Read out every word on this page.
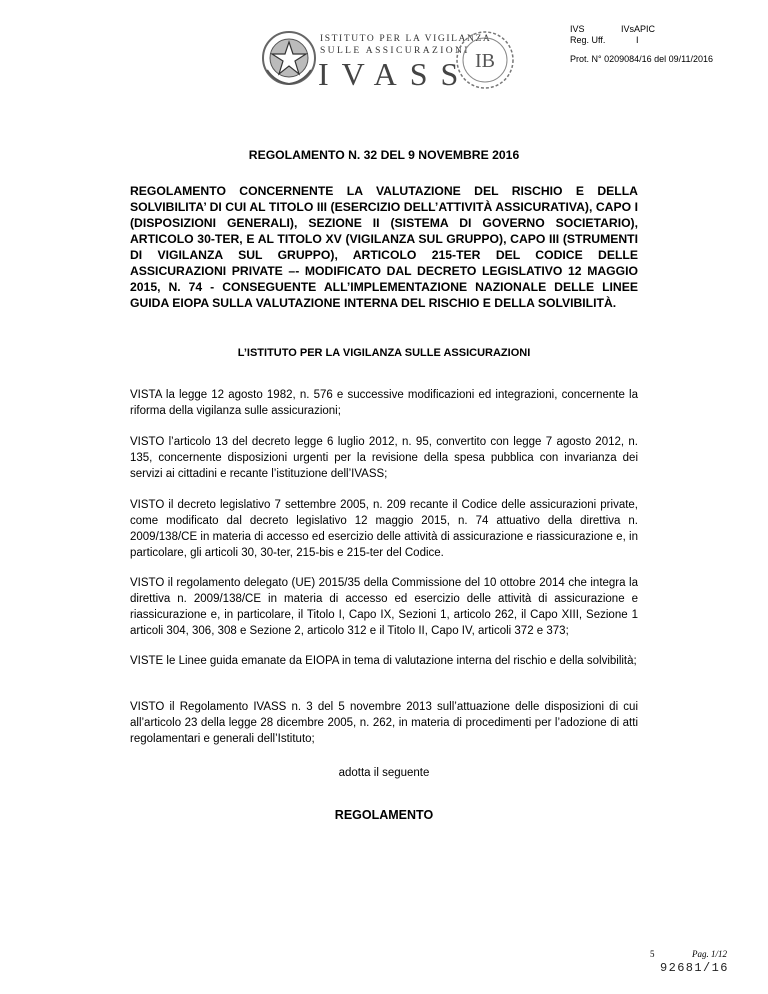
ISTITUTO PER LA VIGILANZA
SULLE ASSICURAZIONI
IVASS IB
IVS	IVsAPIC
Reg. Uff.	I
Prot. N° 0209084/16 del 09/11/2016

REGOLAMENTO N. 32 DEL 9 NOVEMBRE 2016

REGOLAMENTO CONCERNENTE LA VALUTAZIONE DEL RISCHIO E DELLA SOLVIBILITA’ DI CUI AL TITOLO III (ESERCIZIO DELL’ATTIVITÀ ASSICURATIVA), CAPO I (DISPOSIZIONI GENERALI), SEZIONE II (SISTEMA DI GOVERNO SOCIETARIO), ARTICOLO 30-TER, E AL TITOLO XV (VIGILANZA SUL GRUPPO), CAPO III (STRUMENTI DI VIGILANZA SUL GRUPPO), ARTICOLO 215-TER DEL CODICE DELLE ASSICURAZIONI PRIVATE –- MODIFICATO DAL DECRETO LEGISLATIVO 12 MAGGIO 2015, N. 74 - CONSEGUENTE ALL’IMPLEMENTAZIONE NAZIONALE DELLE LINEE GUIDA EIOPA SULLA VALUTAZIONE INTERNA DEL RISCHIO E DELLA SOLVIBILITÀ.

L’ISTITUTO PER LA VIGILANZA SULLE ASSICURAZIONI

VISTA la legge 12 agosto 1982, n. 576 e successive modificazioni ed integrazioni, concernente la riforma della vigilanza sulle assicurazioni;

VISTO l’articolo 13 del decreto legge 6 luglio 2012, n. 95, convertito con legge 7 agosto 2012, n. 135, concernente disposizioni urgenti per la revisione della spesa pubblica con invarianza dei servizi ai cittadini e recante l’istituzione dell’IVASS;

VISTO il decreto legislativo 7 settembre 2005, n. 209 recante il Codice delle assicurazioni private, come modificato dal decreto legislativo 12 maggio 2015, n. 74 attuativo della direttiva n. 2009/138/CE in materia di accesso ed esercizio delle attività di assicurazione e riassicurazione e, in particolare, gli articoli 30, 30-ter, 215-bis e 215-ter del Codice.

VISTO il regolamento delegato (UE) 2015/35 della Commissione del 10 ottobre 2014 che integra la direttiva n. 2009/138/CE in materia di accesso ed esercizio delle attività di assicurazione e riassicurazione e, in particolare, il Titolo I, Capo IX, Sezioni 1, articolo 262, il Capo XIII, Sezione 1 articoli 304, 306, 308 e Sezione 2, articolo 312 e il Titolo II, Capo IV, articoli 372 e 373;

VISTE le Linee guida emanate da EIOPA in tema di valutazione interna del rischio e della solvibilità;

VISTO il Regolamento IVASS n. 3 del 5 novembre 2013 sull’attuazione delle disposizioni di cui all’articolo 23 della legge 28 dicembre 2005, n. 262, in materia di procedimenti per l’adozione di atti regolamentari e generali dell’Istituto;

adotta il seguente

REGOLAMENTO

5	Pag. 1/12
92681/16
